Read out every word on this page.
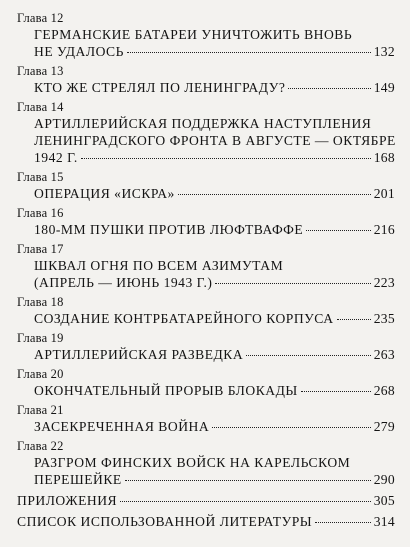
Глава 12
ГЕРМАНСКИЕ БАТАРЕИ УНИЧТОЖИТЬ ВНОВЬ
НЕ УДАЛОСЬ	132
Глава 13
КТО ЖЕ СТРЕЛЯЛ ПО ЛЕНИНГРАДУ?	149
Глава 14
АРТИЛЛЕРИЙСКАЯ ПОДДЕРЖКА НАСТУПЛЕНИЯ
ЛЕНИНГРАДСКОГО ФРОНТА В АВГУСТЕ — ОКТЯБРЕ
1942 Г.	168
Глава 15
ОПЕРАЦИЯ «ИСКРА»	201
Глава 16
180-ММ ПУШКИ ПРОТИВ ЛЮФТВАФФЕ	216
Глава 17
ШКВАЛ ОГНЯ ПО ВСЕМ АЗИМУТАМ
(АПРЕЛЬ — ИЮНЬ 1943 Г.)	223
Глава 18
СОЗДАНИЕ КОНТРБАТАРЕЙНОГО КОРПУСА	235
Глава 19
АРТИЛЛЕРИЙСКАЯ РАЗВЕДКА	263
Глава 20
ОКОНЧАТЕЛЬНЫЙ ПРОРЫВ БЛОКАДЫ	268
Глава 21
ЗАСЕКРЕЧЕННАЯ ВОЙНА	279
Глава 22
РАЗГРОМ ФИНСКИХ ВОЙСК НА КАРЕЛЬСКОМ
ПЕРЕШЕЙКЕ	290
ПРИЛОЖЕНИЯ	305
СПИСОК ИСПОЛЬЗОВАННОЙ ЛИТЕРАТУРЫ	314
